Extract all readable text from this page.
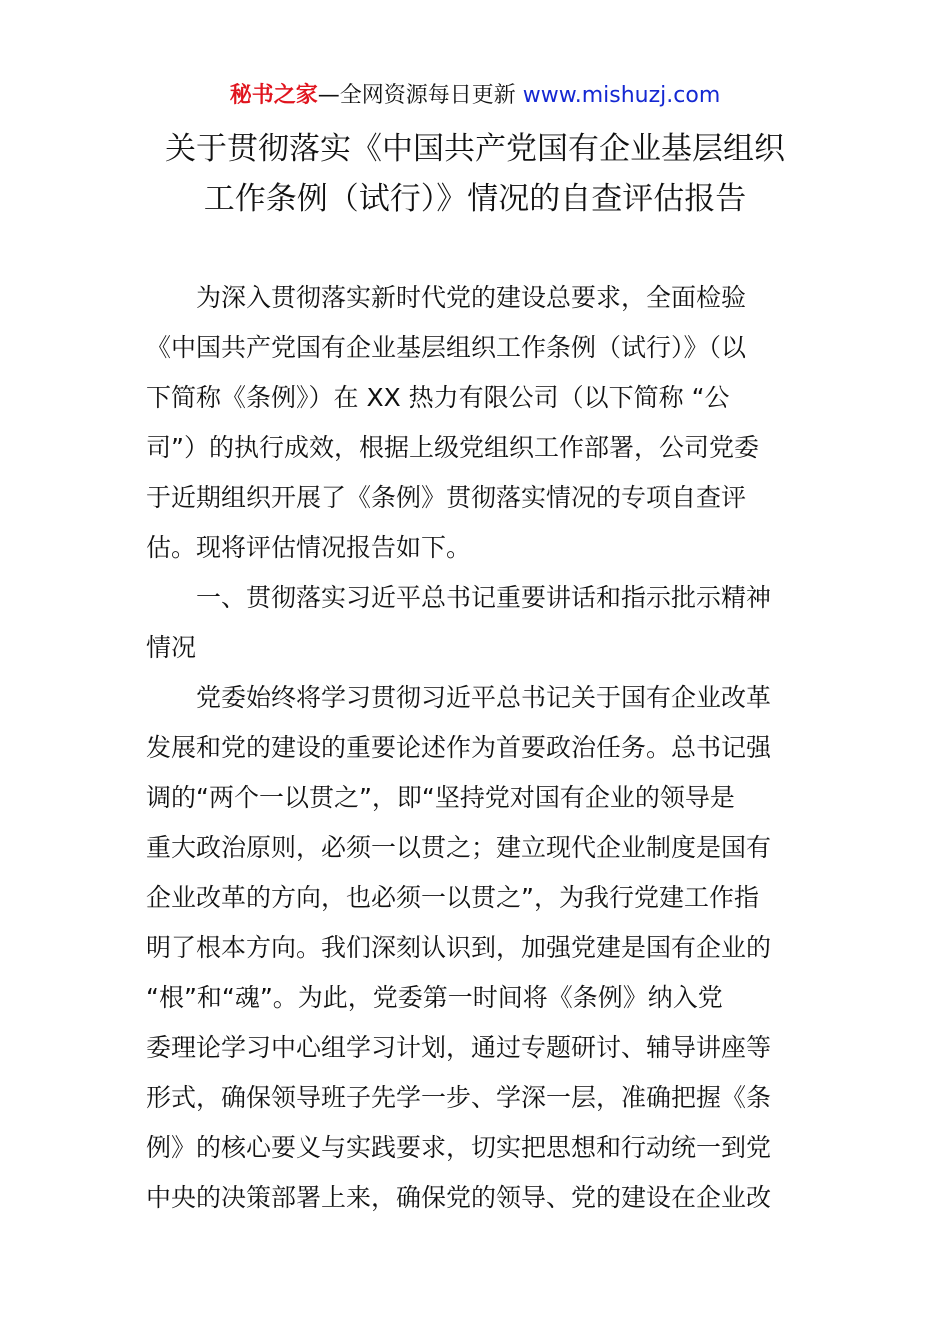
秘书之家—全网资源每日更新 www.mishuzj.com
关于贯彻落实《中国共产党国有企业基层组织
工作条例（试行）》情况的自查评估报告
为深入贯彻落实新时代党的建设总要求，全面检验
《中国共产党国有企业基层组织工作条例（试行）》（以
下简称《条例》）在 XX 热力有限公司（以下简称 “公
司”）的执行成效，根据上级党组织工作部署，公司党委
于近期组织开展了《条例》贯彻落实情况的专项自查评
估。现将评估情况报告如下。
一、贯彻落实习近平总书记重要讲话和指示批示精神
情况
党委始终将学习贯彻习近平总书记关于国有企业改革
发展和党的建设的重要论述作为首要政治任务。总书记强
调的“两个一以贯之”，即“坚持党对国有企业的领导是
重大政治原则，必须一以贯之；建立现代企业制度是国有
企业改革的方向，也必须一以贯之”，为我行党建工作指
明了根本方向。我们深刻认识到，加强党建是国有企业的
“根”和“魂”。为此，党委第一时间将《条例》纳入党
委理论学习中心组学习计划，通过专题研讨、辅导讲座等
形式，确保领导班子先学一步、学深一层，准确把握《条
例》的核心要义与实践要求，切实把思想和行动统一到党
中央的决策部署上来，确保党的领导、党的建设在企业改
